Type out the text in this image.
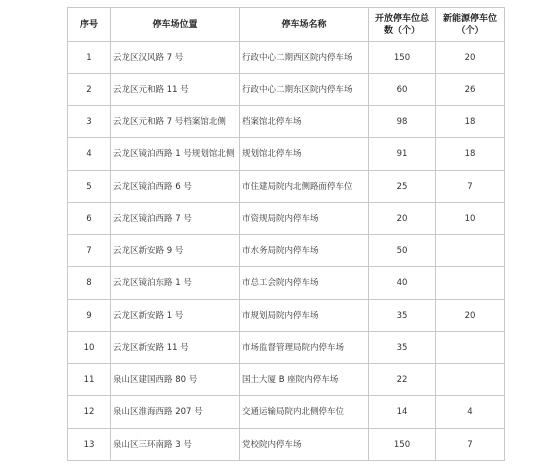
序号	停车场位置	停车场名称	开放停车位总数（个）	新能源停车位（个）
1	云龙区汉风路 7 号	行政中心二期西区院内停车场	150	20
2	云龙区元和路 11 号	行政中心二期东区院内停车场	60	26
3	云龙区元和路 7 号档案馆北侧	档案馆北停车场	98	18
4	云龙区镜泊西路 1 号规划馆北侧	规划馆北停车场	91	18
5	云龙区镜泊西路 6 号	市住建局院内北侧路面停车位	25	7
6	云龙区镜泊西路 7 号	市资规局院内停车场	20	10
7	云龙区新安路 9 号	市水务局院内停车场	50	
8	云龙区镜泊东路 1 号	市总工会院内停车场	40	
9	云龙区新安路 1 号	市规划局院内停车场	35	20
10	云龙区新安路 11 号	市场监督管理局院内停车场	35	
11	泉山区建国西路 80 号	国土大厦 B 座院内停车场	22	
12	泉山区淮海西路 207 号	交通运输局院内北侧停车位	14	4
13	泉山区三环南路 3 号	党校院内停车场	150	7
